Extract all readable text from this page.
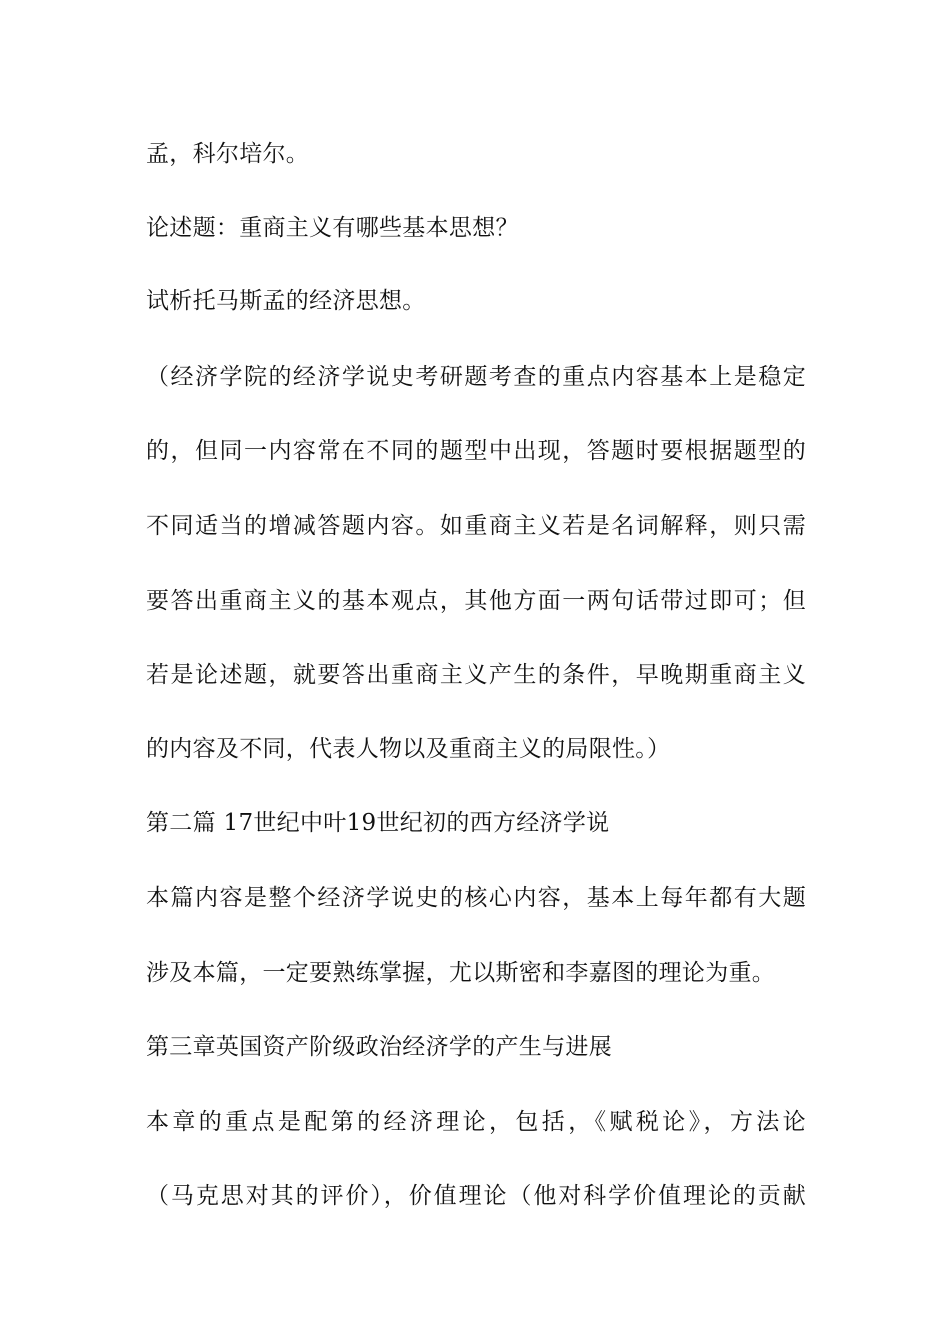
孟，科尔培尔。
论述题：重商主义有哪些基本思想？
试析托马斯孟的经济思想。
（经济学院的经济学说史考研题考查的重点内容基本上是稳定
的，但同一内容常在不同的题型中出现，答题时要根据题型的
不同适当的增减答题内容。如重商主义若是名词解释，则只需
要答出重商主义的基本观点，其他方面一两句话带过即可；但
若是论述题，就要答出重商主义产生的条件，早晚期重商主义
的内容及不同，代表人物以及重商主义的局限性。）
第二篇 17世纪中叶19世纪初的西方经济学说
本篇内容是整个经济学说史的核心内容，基本上每年都有大题
涉及本篇，一定要熟练掌握，尤以斯密和李嘉图的理论为重。
第三章英国资产阶级政治经济学的产生与进展
本章的重点是配第的经济理论，包括，《赋税论》，方法论
（马克思对其的评价），价值理论（他对科学价值理论的贡献
